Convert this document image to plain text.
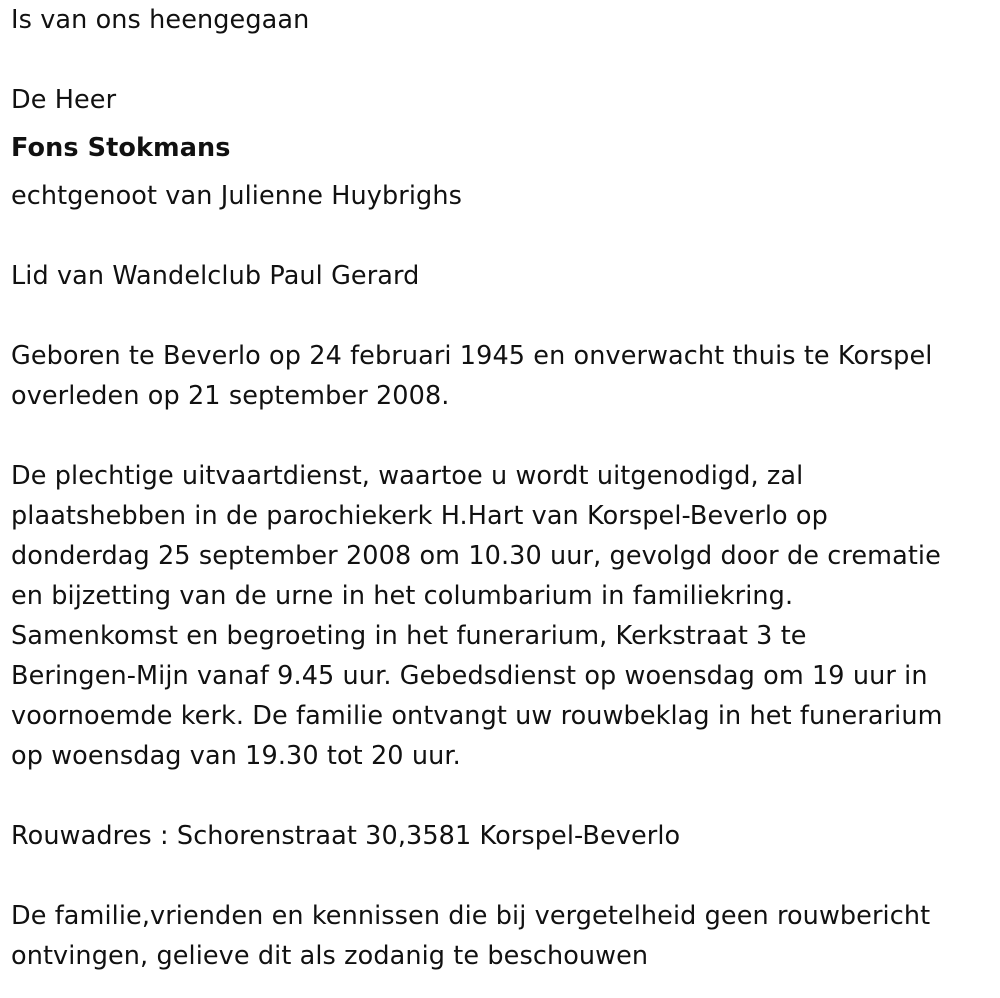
Is van ons heengegaan

De Heer

Fons Stokmans

echtgenoot van Julienne Huybrighs

Lid van Wandelclub Paul Gerard

Geboren te Beverlo op 24 februari 1945 en onverwacht thuis te Korspel
overleden op 21 september 2008.
De plechtige uitvaartdienst, waartoe u wordt uitgenodigd, zal
plaatshebben in de parochiekerk H.Hart van Korspel-Beverlo op
donderdag 25 september 2008 om 10.30 uur, gevolgd door de crematie
en bijzetting van de urne in het columbarium in familiekring.
Samenkomst en begroeting in het funerarium, Kerkstraat 3 te
Beringen-Mijn vanaf 9.45 uur. Gebedsdienst op woensdag om 19 uur in
voornoemde kerk. De familie ontvangt uw rouwbeklag in het funerarium
op woensdag van 19.30 tot 20 uur.

Rouwadres : Schorenstraat 30,3581 Korspel-Beverlo

De familie,vrienden en kennissen die bij vergetelheid geen rouwbericht
ontvingen, gelieve dit als zodanig te beschouwen
